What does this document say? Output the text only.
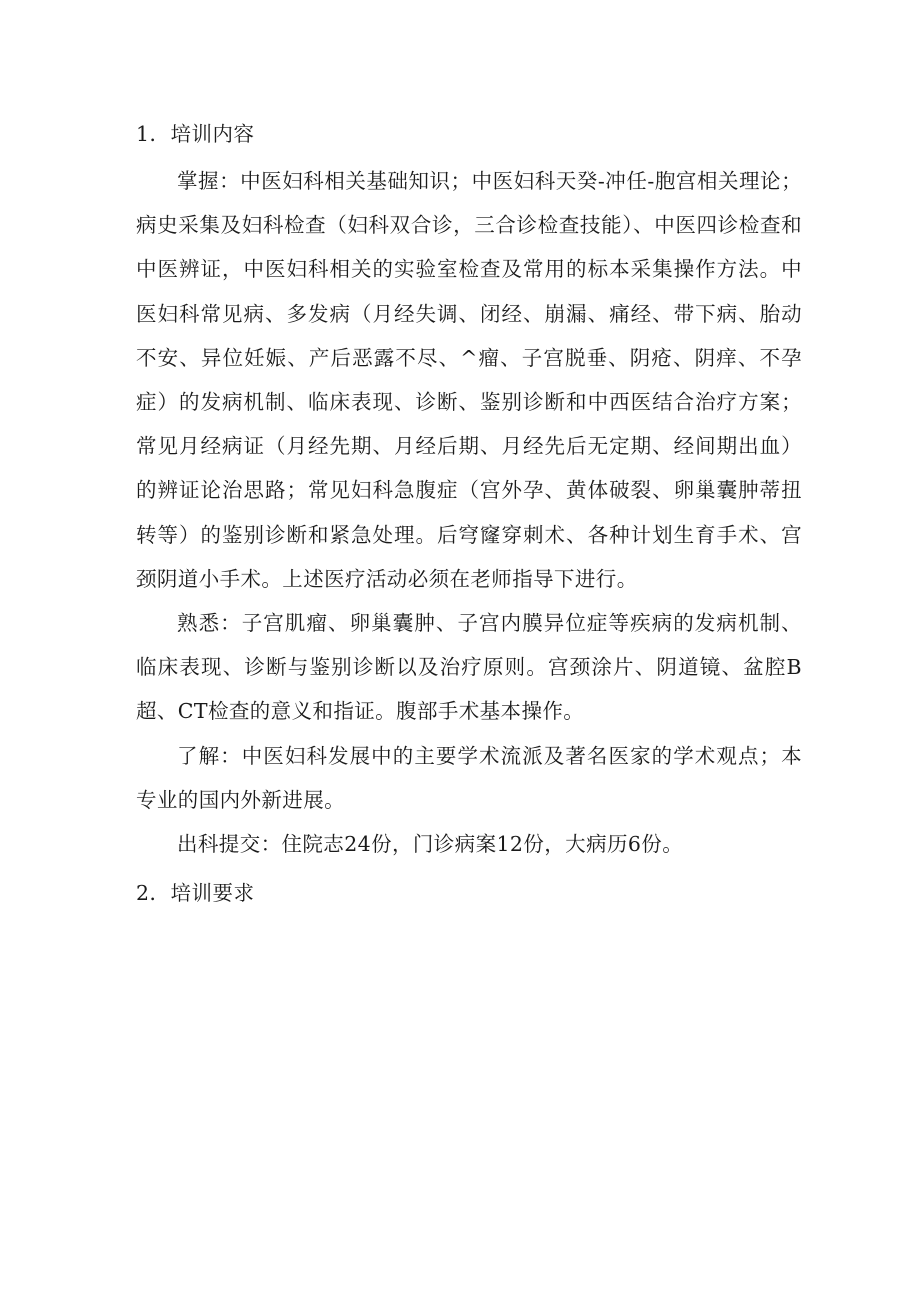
1．培训内容

掌握：中医妇科相关基础知识；中医妇科天癸-冲任-胞宫相关理论；病史采集及妇科检查（妇科双合诊，三合诊检查技能）、中医四诊检查和中医辨证，中医妇科相关的实验室检查及常用的标本采集操作方法。中医妇科常见病、多发病（月经失调、闭经、崩漏、痛经、带下病、胎动不安、异位妊娠、产后恶露不尽、^瘤、子宫脱垂、阴疮、阴痒、不孕症）的发病机制、临床表现、诊断、鉴别诊断和中西医结合治疗方案；常见月经病证（月经先期、月经后期、月经先后无定期、经间期出血）的辨证论治思路；常见妇科急腹症（宫外孕、黄体破裂、卵巢囊肿蒂扭转等）的鉴别诊断和紧急处理。后穹窿穿刺术、各种计划生育手术、宫颈阴道小手术。上述医疗活动必须在老师指导下进行。

熟悉：子宫肌瘤、卵巢囊肿、子宫内膜异位症等疾病的发病机制、临床表现、诊断与鉴别诊断以及治疗原则。宫颈涂片、阴道镜、盆腔B超、CT检查的意义和指证。腹部手术基本操作。

了解：中医妇科发展中的主要学术流派及著名医家的学术观点；本专业的国内外新进展。

出科提交：住院志24份，门诊病案12份，大病历6份。

2．培训要求
